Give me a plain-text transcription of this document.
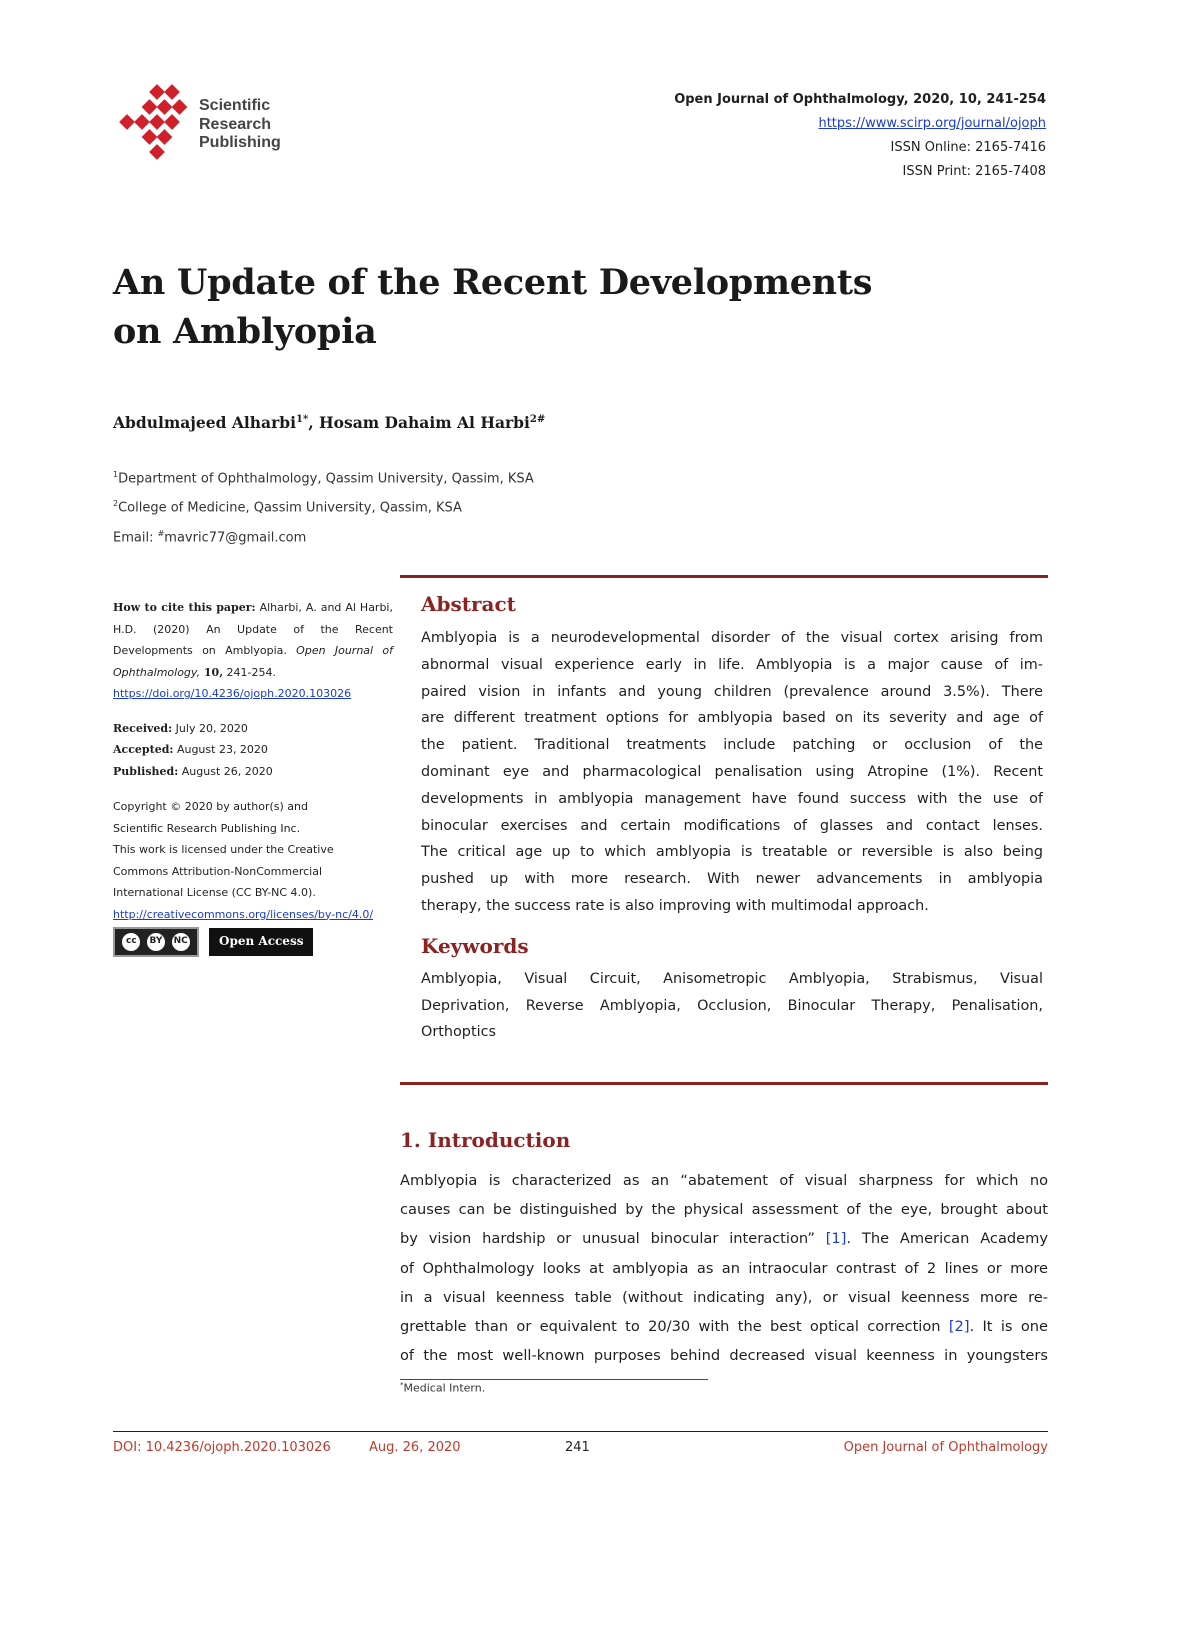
Scientific
Research
Publishing
Open Journal of Ophthalmology, 2020, 10, 241-254
https://www.scirp.org/journal/ojoph
ISSN Online: 2165-7416
ISSN Print: 2165-7408
An Update of the Recent Developments
on Amblyopia
Abdulmajeed Alharbi$^{1*}$, Hosam Dahaim Al Harbi$^{2\#}$
$^1$Department of Ophthalmology, Qassim University, Qassim, KSA
$^2$College of Medicine, Qassim University, Qassim, KSA
Email: #mavric77@gmail.com
How to cite this paper: Alharbi, A. and Al Harbi, H.D. (2020) An Update of the Recent Developments on Amblyopia. Open Journal of Ophthalmology, 10, 241-254.
https://doi.org/10.4236/ojoph.2020.103026
Received: July 20, 2020
Accepted: August 23, 2020
Published: August 26, 2020
Copyright © 2020 by author(s) and
Scientific Research Publishing Inc.
This work is licensed under the Creative
Commons Attribution-NonCommercial
International License (CC BY-NC 4.0).
http://creativecommons.org/licenses/by-nc/4.0/
cc	BY	NC	Open Access
Abstract
Amblyopia is a neurodevelopmental disorder of the visual cortex arising from
abnormal visual experience early in life. Amblyopia is a major cause of im-
paired vision in infants and young children (prevalence around 3.5%). There
are different treatment options for amblyopia based on its severity and age of
the patient. Traditional treatments include patching or occlusion of the
dominant eye and pharmacological penalisation using Atropine (1%). Recent
developments in amblyopia management have found success with the use of
binocular exercises and certain modifications of glasses and contact lenses.
The critical age up to which amblyopia is treatable or reversible is also being
pushed up with more research. With newer advancements in amblyopia
therapy, the success rate is also improving with multimodal approach.
Keywords
Amblyopia, Visual Circuit, Anisometropic Amblyopia, Strabismus, Visual
Deprivation, Reverse Amblyopia, Occlusion, Binocular Therapy, Penalisation,
Orthoptics
1. Introduction
Amblyopia is characterized as an “abatement of visual sharpness for which no
causes can be distinguished by the physical assessment of the eye, brought about
by vision hardship or unusual binocular interaction” [1]. The American Academy
of Ophthalmology looks at amblyopia as an intraocular contrast of 2 lines or more
in a visual keenness table (without indicating any), or visual keenness more re-
grettable than or equivalent to 20/30 with the best optical correction [2]. It is one
of the most well-known purposes behind decreased visual keenness in youngsters
*Medical Intern.
DOI: 10.4236/ojoph.2020.103026	Aug. 26, 2020	241	Open Journal of Ophthalmology
